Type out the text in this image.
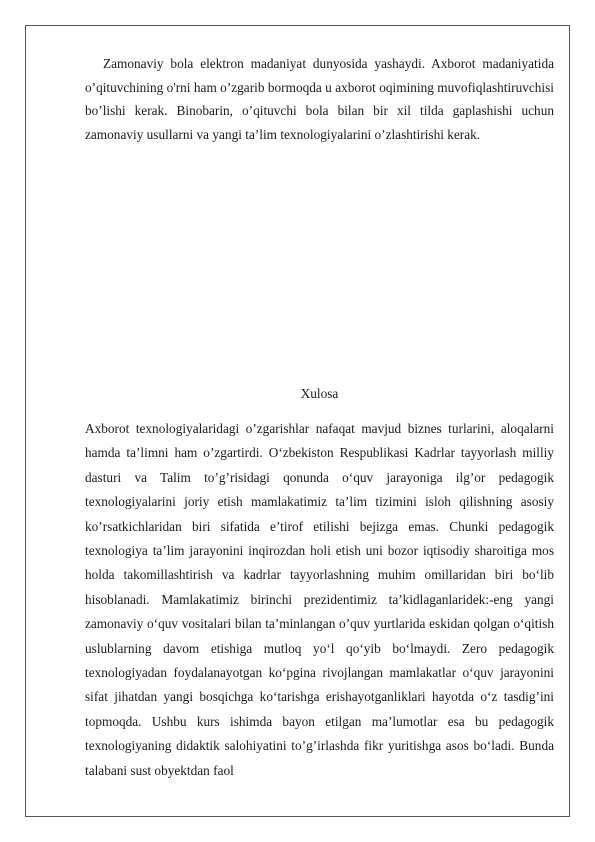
Zamonaviy bola elektron madaniyat dunyosida yashaydi. Axborot madaniyatida o’qituvchining o'rni ham o’zgarib bormoqda u axborot oqimining muvofiqlashtiruvchisi bo’lishi kerak. Binobarin, o’qituvchi bola bilan bir xil tilda gaplashishi uchun zamonaviy usullarni va yangi ta’lim texnologiyalarini o’zlashtirishi kerak.

Xulosa

Axborot texnologiyalaridagi o’zgarishlar nafaqat mavjud biznes turlarini, aloqalarni hamda ta’limni ham o’zgartirdi. O‘zbekiston Respublikasi Kadrlar tayyorlash milliy dasturi va Talim to’g’risidagi qonunda o‘quv jarayoniga ilg’or pedagogik texnologiyalarini joriy etish mamlakatimiz ta’lim tizimini isloh qilishning asosiy ko’rsatkichlaridan biri sifatida e’tirof etilishi bejizga emas. Chunki pedagogik texnologiya ta’lim jarayonini inqirozdan holi etish uni bozor iqtisodiy sharoitiga mos holda takomillashtirish va kadrlar tayyorlashning muhim omillaridan biri bo‘lib hisoblanadi. Mamlakatimiz birinchi prezidentimiz ta’kidlaganlaridek:-eng yangi zamonaviy o‘quv vositalari bilan ta’minlangan o’quv yurtlarida eskidan qolgan o‘qitish uslublarning davom etishiga mutloq yo‘l qo‘yib bo‘lmaydi. Zero pedagogik texnologiyadan foydalanayotgan ko‘pgina rivojlangan mamlakatlar o‘quv jarayonini sifat jihatdan yangi bosqichga ko‘tarishga erishayotganliklari hayotda o‘z tasdig’ini topmoqda. Ushbu kurs ishimda bayon etilgan ma’lumotlar esa bu pedagogik texnologiyaning didaktik salohiyatini to’g’irlashda fikr yuritishga asos bo‘ladi. Bunda talabani sust obyektdan faol
